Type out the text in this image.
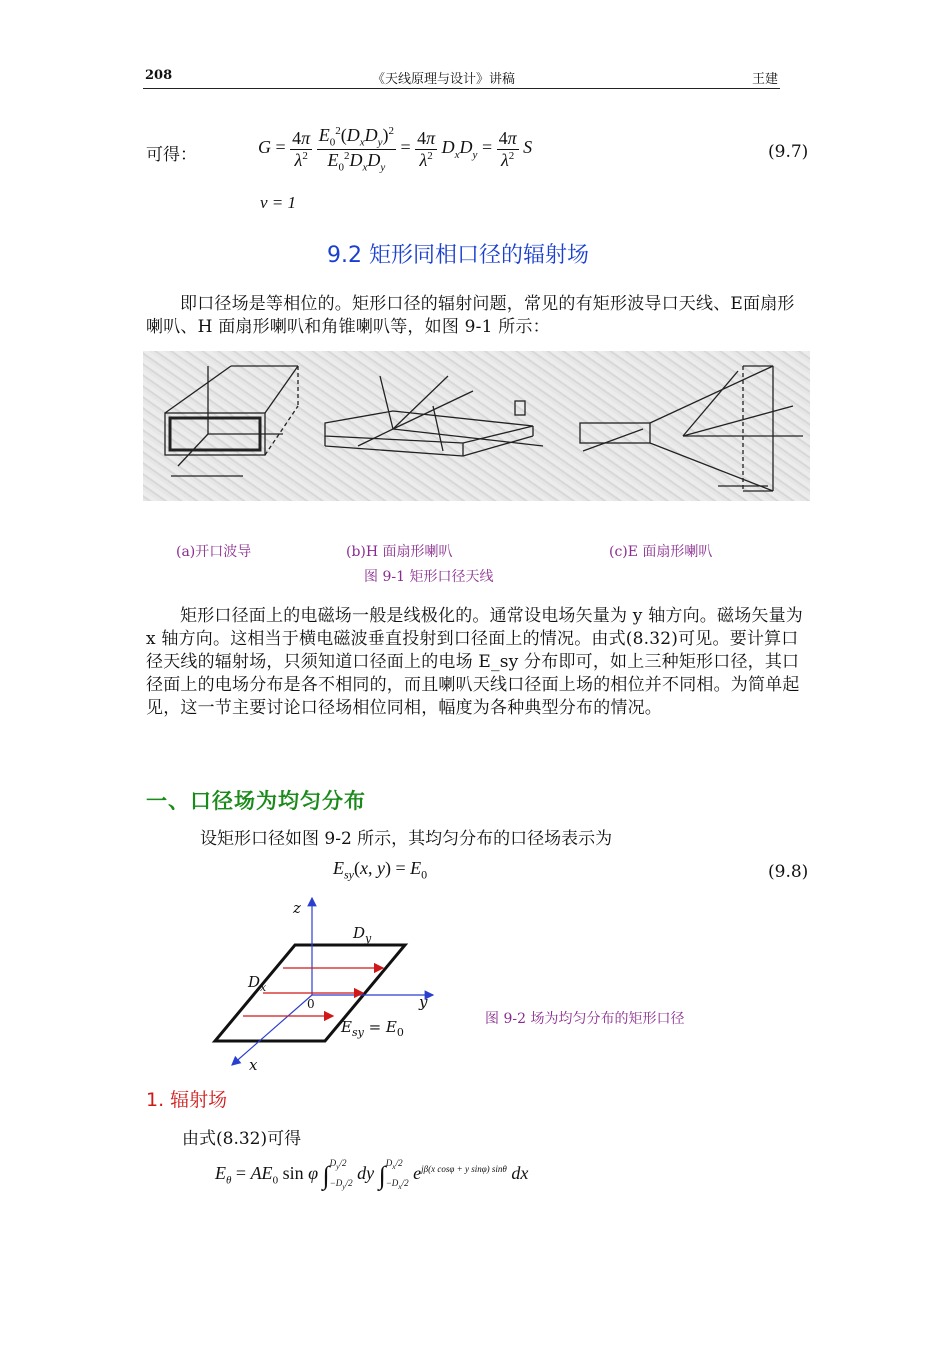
208	《天线原理与设计》讲稿	王建
可得：	$G = \frac{4\pi}{\lambda^2}$
$\frac{E_0^2(D_xD_y)^2}{E_0^2D_xD_y} = \frac{4\pi}{\lambda^2} D_xD_y = \frac{4\pi}{\lambda^2}$ S	(9.7)
v = 1
9.2 矩形同相口径的辐射场
即口径场是等相位的。矩形口径的辐射问题，常见的有矩形波导口天线、E面扇形喇叭、H 面扇形喇叭和角锥喇叭等，如图 9-1 所示：
(a)开口波导	(b)H 面扇形喇叭	(c)E 面扇形喇叭
图 9-1 矩形口径天线
矩形口径面上的电磁场一般是线极化的。通常设电场矢量为 y 轴方向。磁场矢量为 x 轴方向。这相当于横电磁波垂直投射到口径面上的情况。由式(8.32)可见。要计算口径天线的辐射场，只须知道口径面上的电场 E_sy 分布即可，如上三种矩形口径，其口径面上的电场分布是各不相同的，而且喇叭天线口径面上场的相位并不同相。为简单起见，这一节主要讨论口径场相位同相，幅度为各种典型分布的情况。
一、口径场为均匀分布
设矩形口径如图 9-2 所示，其均匀分布的口径场表示为
$E_{sy}(x$, $y) = E_0$	(9.8)
z
$D_y$
$D_x$
0	y
$E_{sy} = E_0$
x
图 9-2 场为均匀分布的矩形口径
1. 辐射场
由式(8.32)可得
$E_\theta = AE_0$ sin φ ∫ $D_y/2$
$-D_y/2$ dy ∫ $D_x/2$
$-D_x/2$ $e^{j\beta(x cos\varphi + y sin\varphi) sin\theta}$ dx
